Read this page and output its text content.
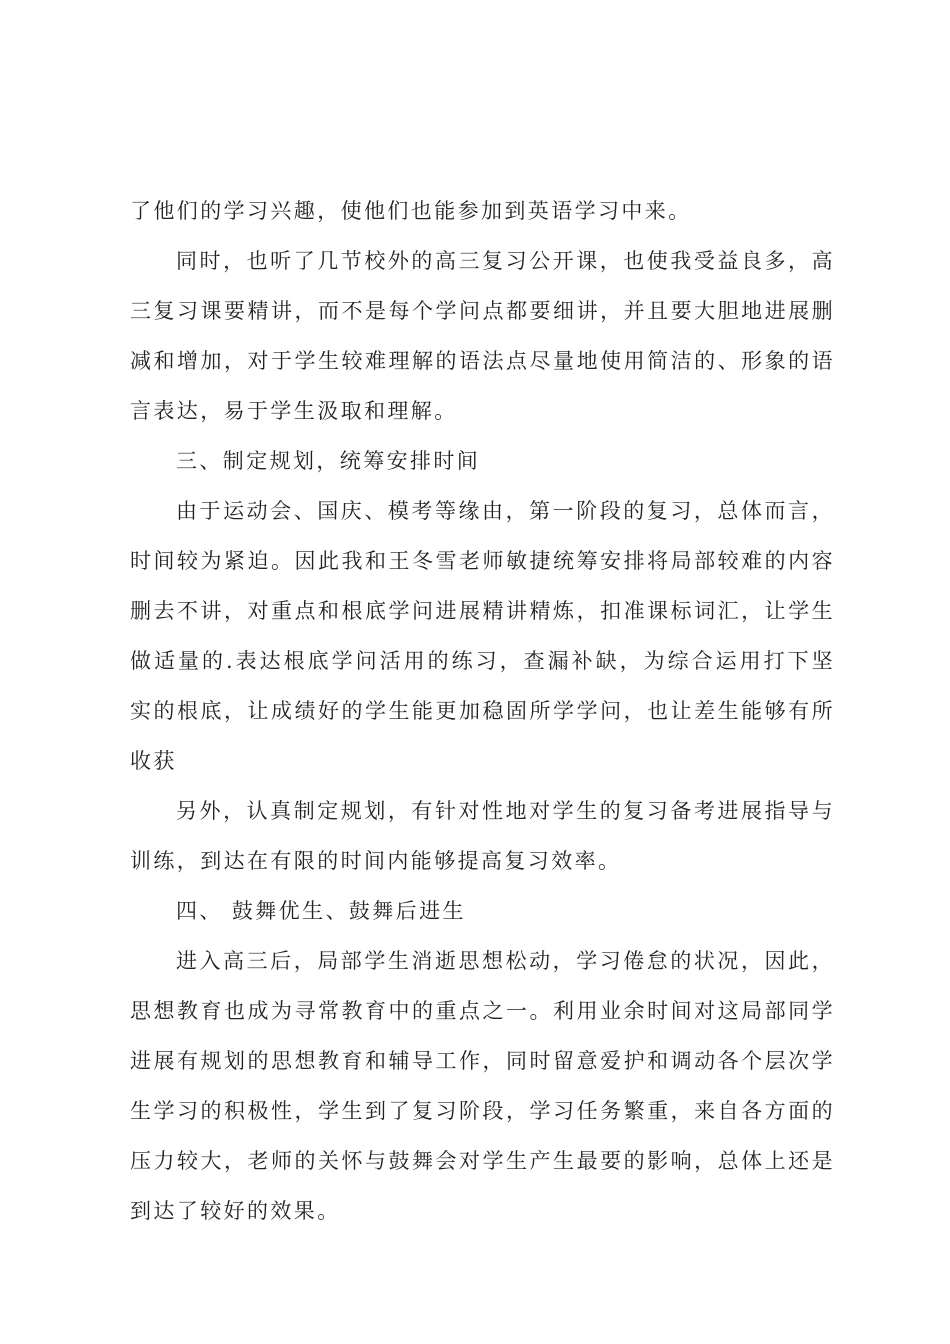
了他们的学习兴趣，使他们也能参加到英语学习中来。

同时，也听了几节校外的高三复习公开课，也使我受益良多，高三复习课要精讲，而不是每个学问点都要细讲，并且要大胆地进展删减和增加，对于学生较难理解的语法点尽量地使用简洁的、形象的语言表达，易于学生汲取和理解。

三、制定规划，统筹安排时间

由于运动会、国庆、模考等缘由，第一阶段的复习，总体而言，时间较为紧迫。因此我和王冬雪老师敏捷统筹安排将局部较难的内容删去不讲，对重点和根底学问进展精讲精炼，扣准课标词汇，让学生做适量的.表达根底学问活用的练习，查漏补缺，为综合运用打下坚实的根底，让成绩好的学生能更加稳固所学学问，也让差生能够有所收获

另外，认真制定规划，有针对性地对学生的复习备考进展指导与训练，到达在有限的时间内能够提高复习效率。

四、 鼓舞优生、鼓舞后进生

进入高三后，局部学生消逝思想松动，学习倦怠的状况，因此，思想教育也成为寻常教育中的重点之一。利用业余时间对这局部同学进展有规划的思想教育和辅导工作，同时留意爱护和调动各个层次学生学习的积极性，学生到了复习阶段，学习任务繁重，来自各方面的压力较大，老师的关怀与鼓舞会对学生产生最要的影响，总体上还是到达了较好的效果。
